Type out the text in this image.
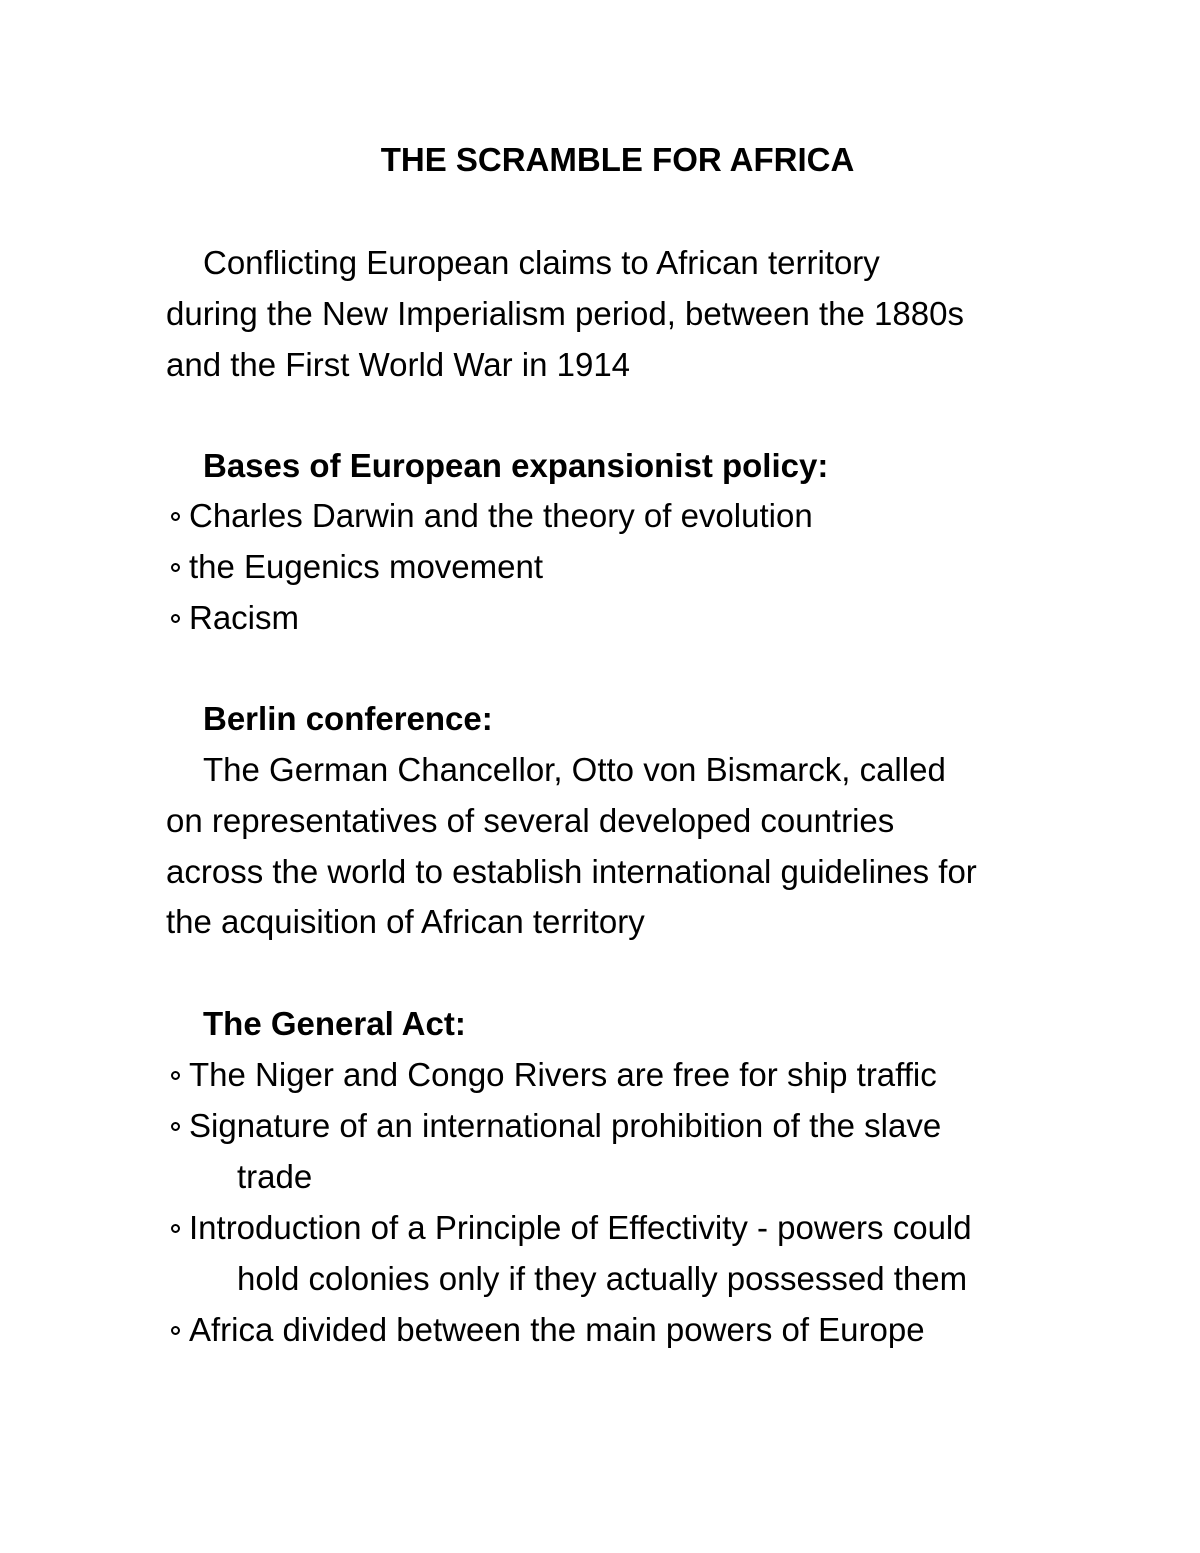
THE SCRAMBLE FOR AFRICA
Conflicting European claims to African territory
during the New Imperialism period, between the 1880s
and the First World War in 1914
Bases of European expansionist policy:
Charles Darwin and the theory of evolution
the Eugenics movement
Racism
Berlin conference:
The German Chancellor, Otto von Bismarck, called
on representatives of several developed countries
across the world to establish international guidelines for
the acquisition of African territory
The General Act:
The Niger and Congo Rivers are free for ship traffic
Signature of an international prohibition of the slave
trade
Introduction of a Principle of Effectivity - powers could
hold colonies only if they actually possessed them
Africa divided between the main powers of Europe
